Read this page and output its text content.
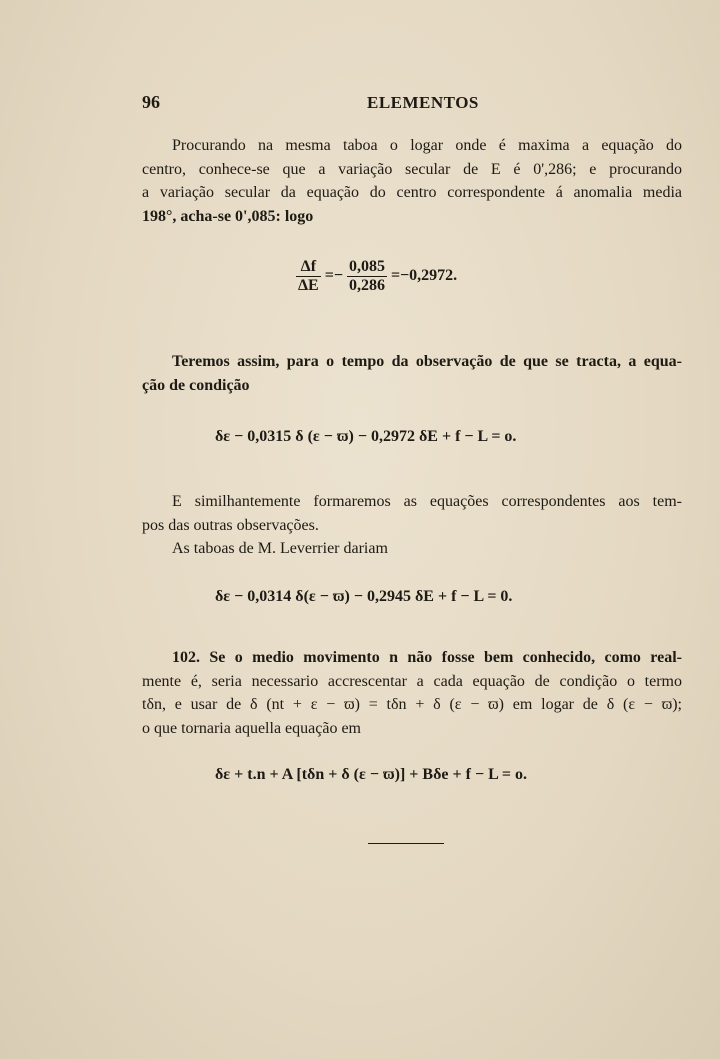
96	ELEMENTOS
Procurando na mesma taboa o logar onde é maxima a equação do
centro, conhece-se que a variação secular de E é 0',286; e procurando
a variação secular da equação do centro correspondente á anomalia media
198°, acha-se 0',085: logo
$\frac{\Delta f}{\Delta E} =- \frac{0,085}{0,286} =-0,2972$.
Teremos assim, para o tempo da observação de que se tracta, a equa-
ção de condição
δε − 0,0315 δ (ε − ϖ) − 0,2972 δE + f − L = o.
E similhantemente formaremos as equações correspondentes aos tem-
pos das outras observações.
As taboas de M. Leverrier dariam
δε − 0,0314 δ(ε − ϖ) − 0,2945 δE + f − L = 0.
102. Se o medio movimento n não fosse bem conhecido, como real-
mente é, seria necessario accrescentar a cada equação de condição o termo
tδn, e usar de δ (nt + ε − ϖ) = tδn + δ (ε − ϖ) em logar de δ (ε − ϖ);
o que tornaria aquella equação em
δε + t.n + A [tδn + δ (ε − ϖ)] + Bδe + f − L = o.
